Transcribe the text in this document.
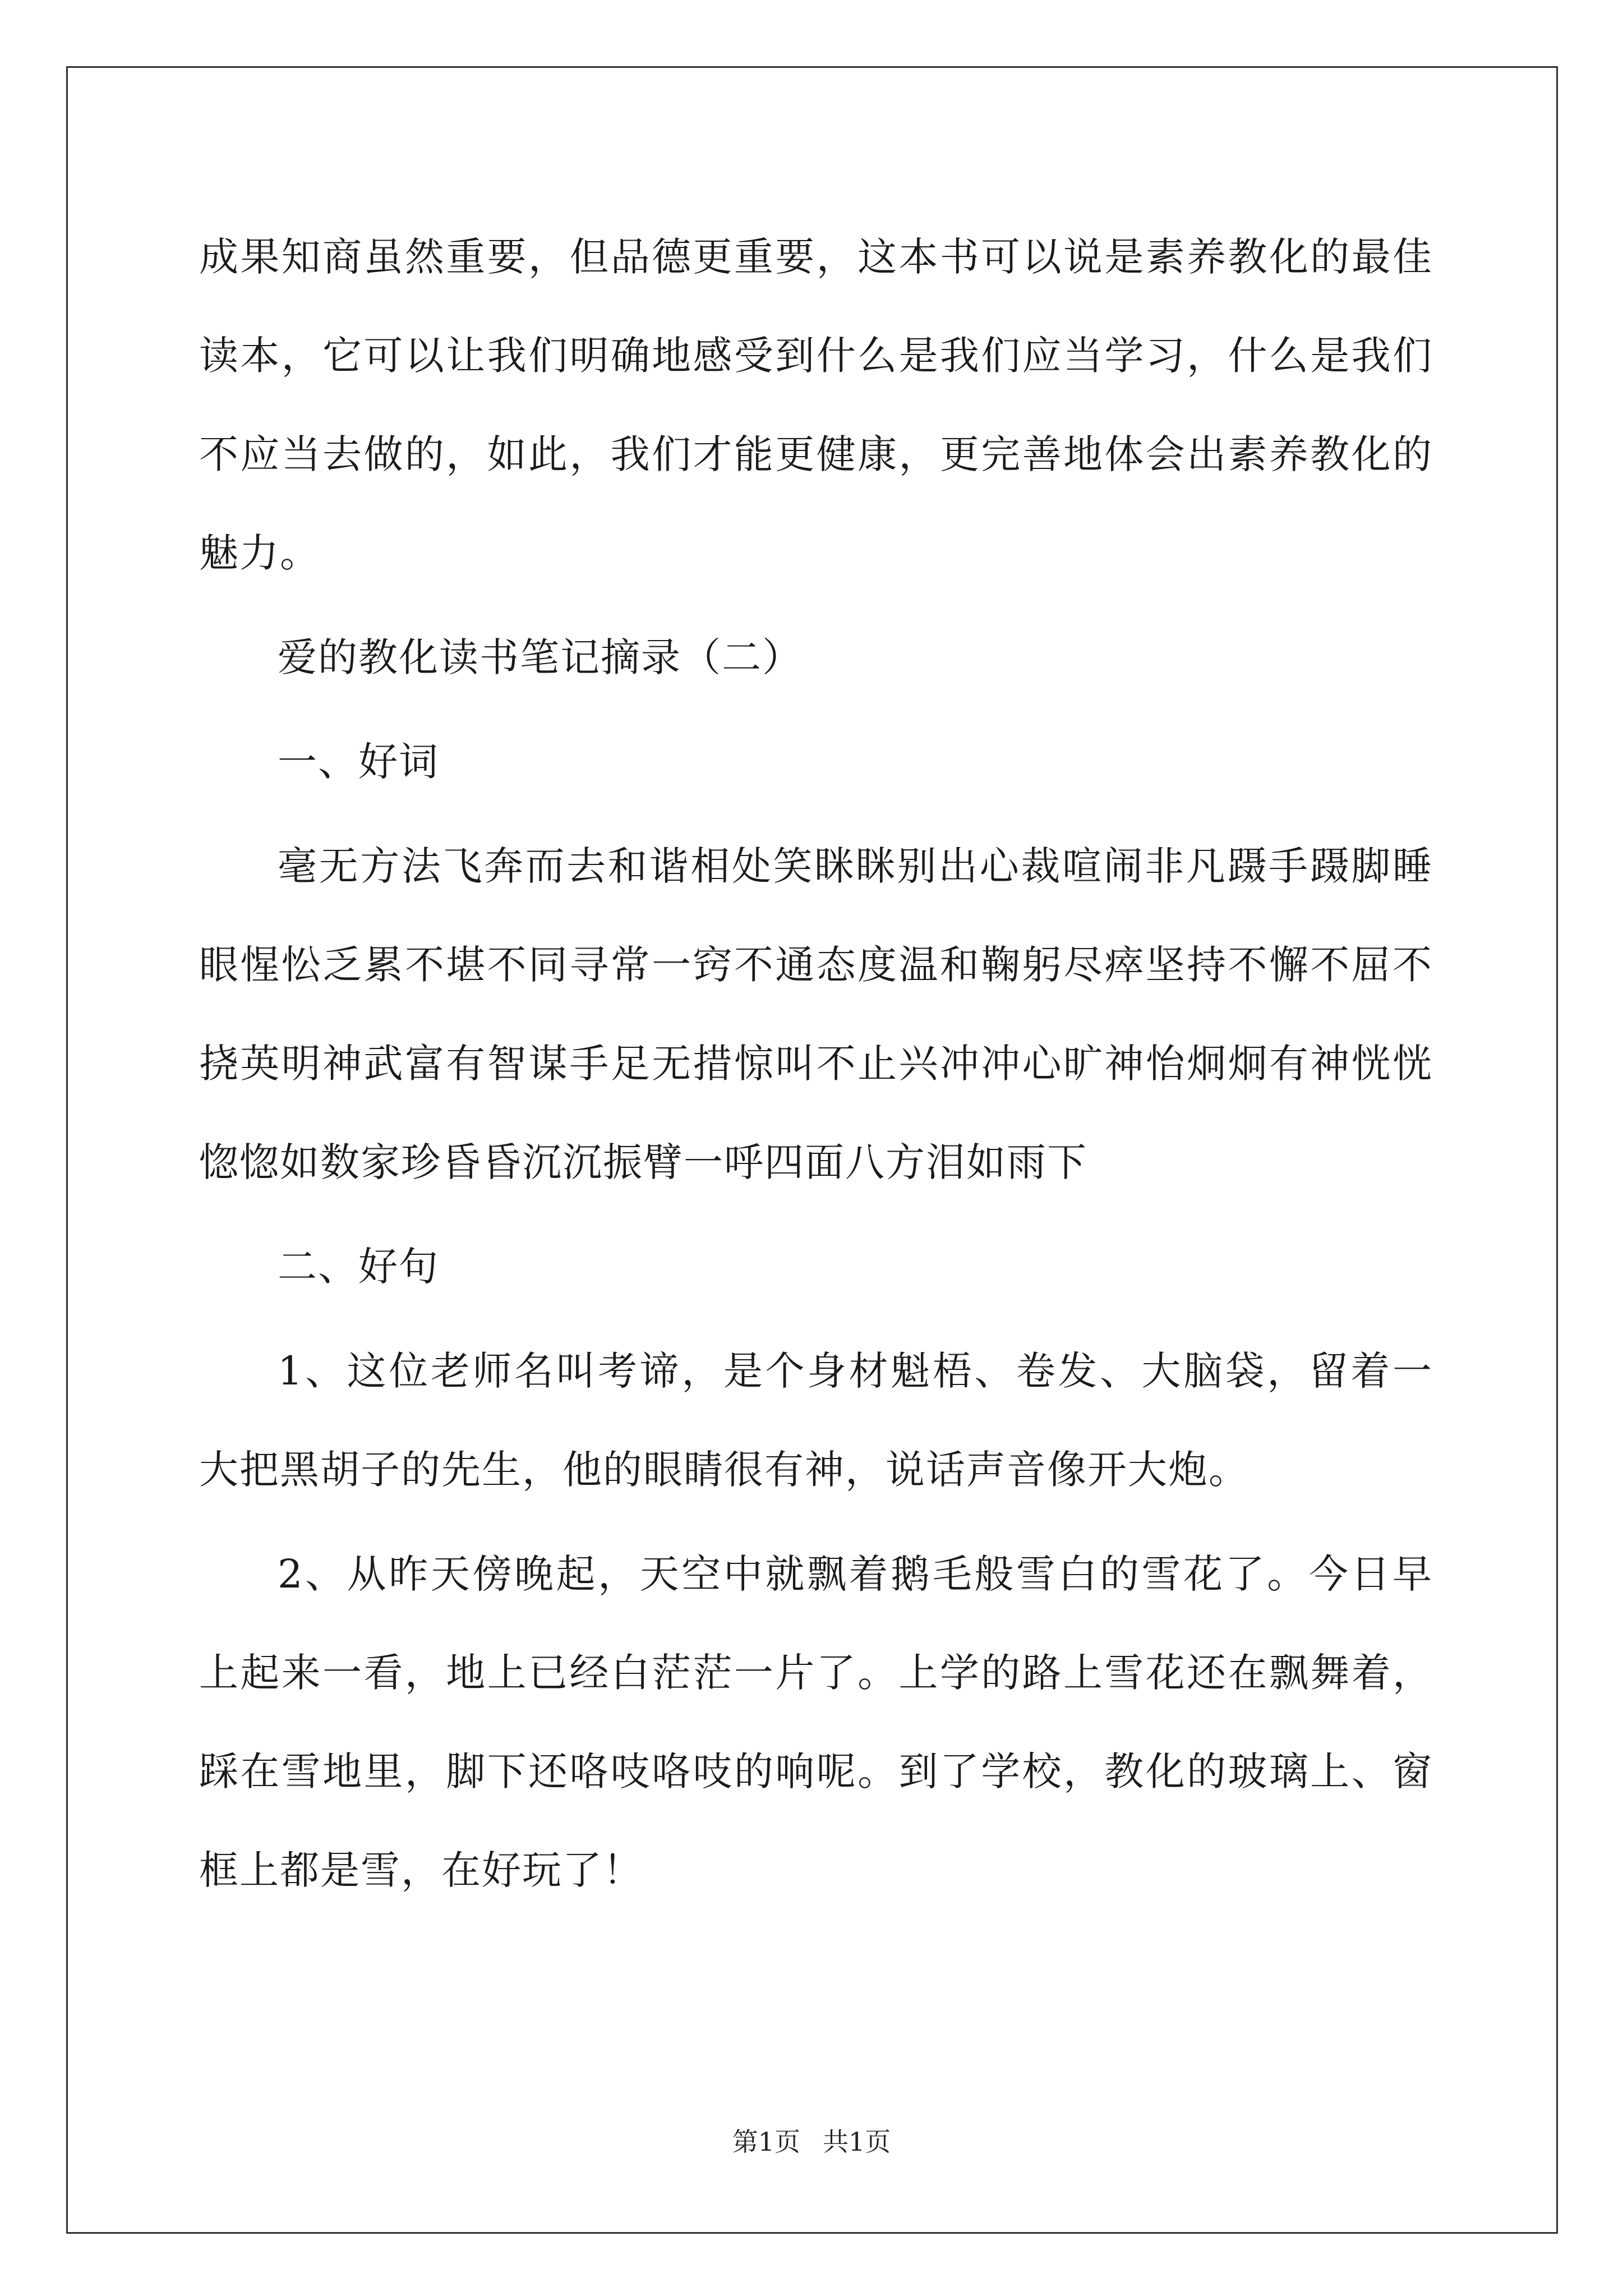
成果知商虽然重要，但品德更重要，这本书可以说是素养教化的最佳读本，它可以让我们明确地感受到什么是我们应当学习，什么是我们不应当去做的，如此，我们才能更健康，更完善地体会出素养教化的魅力。

爱的教化读书笔记摘录（二）

一、好词

毫无方法飞奔而去和谐相处笑眯眯别出心裁喧闹非凡蹑手蹑脚睡眼惺忪乏累不堪不同寻常一窍不通态度温和鞠躬尽瘁坚持不懈不屈不挠英明神武富有智谋手足无措惊叫不止兴冲冲心旷神怡炯炯有神恍恍惚惚如数家珍昏昏沉沉振臂一呼四面八方泪如雨下

二、好句

1、这位老师名叫考谛，是个身材魁梧、卷发、大脑袋，留着一大把黑胡子的先生，他的眼睛很有神，说话声音像开大炮。

2、从昨天傍晚起，天空中就飘着鹅毛般雪白的雪花了。今日早上起来一看，地上已经白茫茫一片了。上学的路上雪花还在飘舞着，踩在雪地里，脚下还咯吱咯吱的响呢。到了学校，教化的玻璃上、窗框上都是雪，在好玩了！

第1页 共1页
